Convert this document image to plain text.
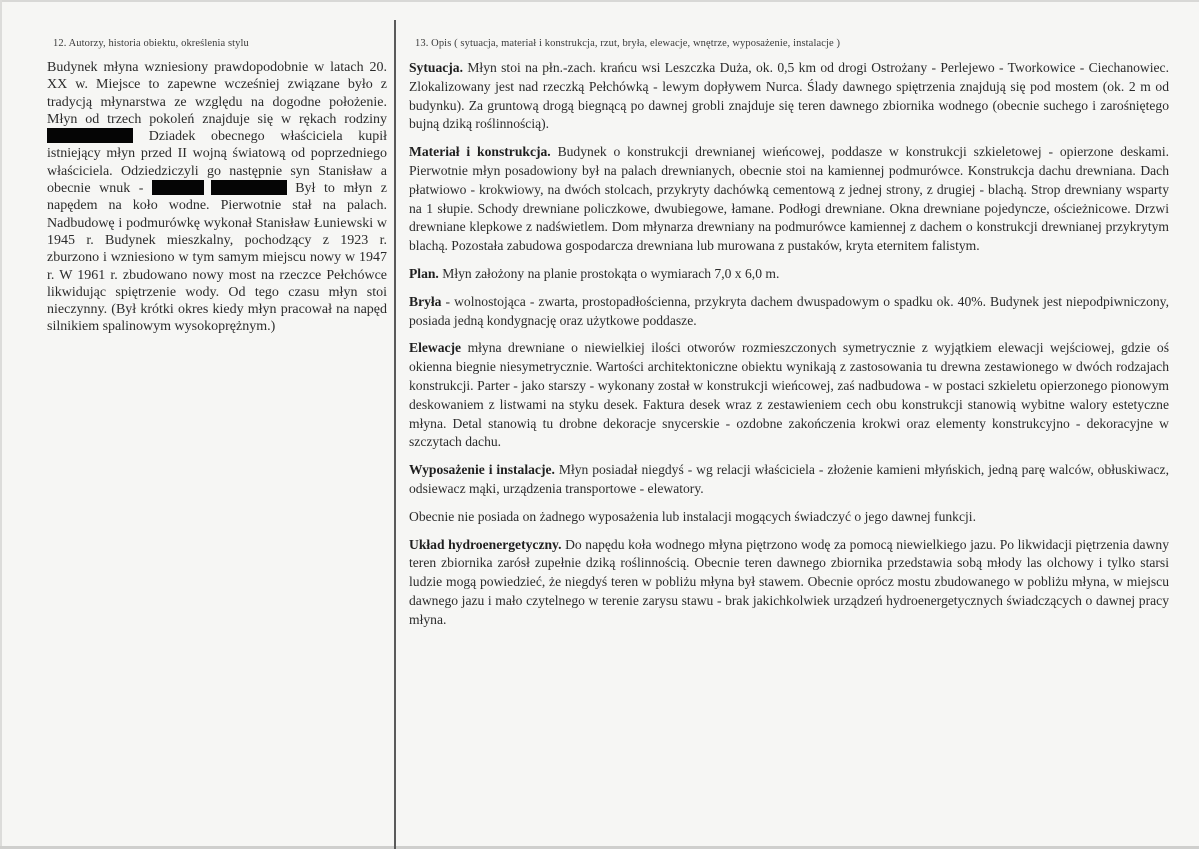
12. Autorzy, historia obiektu, określenia stylu
Budynek młyna wzniesiony prawdopodobnie w latach 20. XX w. Miejsce to zapewne wcześniej związane było z tradycją młynarstwa ze względu na dogodne położenie. Młyn od trzech pokoleń znajduje się w rękach rodziny  Dziadek obecnego właściciela kupił istniejący młyn przed II wojną światową od poprzedniego właściciela. Odziedziczyli go następnie syn Stanisław a obecnie wnuk -	Był to młyn z napędem na koło wodne. Pierwotnie stał na palach. Nadbudowę i podmurówkę wykonał Stanisław Łuniewski w 1945 r. Budynek mieszkalny, pochodzący z 1923 r. zburzono i wzniesiono w tym samym miejscu nowy w 1947 r. W 1961 r. zbudowano nowy most na rzeczce Pełchówce likwidując spiętrzenie wody. Od tego czasu młyn stoi nieczynny. (Był krótki okres kiedy młyn pracował na napęd silnikiem spalinowym wysokoprężnym.)
13. Opis ( sytuacja, materiał i konstrukcja, rzut, bryła, elewacje, wnętrze, wyposażenie, instalacje )
Sytuacja. Młyn stoi na płn.-zach. krańcu wsi Leszczka Duża, ok. 0,5 km od drogi Ostrożany - Perlejewo - Tworkowice - Ciechanowiec. Zlokalizowany jest nad rzeczką Pełchówką - lewym dopływem Nurca. Ślady dawnego spiętrzenia znajdują się pod mostem (ok. 2 m od budynku). Za gruntową drogą biegnącą po dawnej grobli znajduje się teren dawnego zbiornika wodnego (obecnie suchego i zarośniętego bujną dziką roślinnością).
Materiał i konstrukcja. Budynek o konstrukcji drewnianej wieńcowej, poddasze w konstrukcji szkieletowej - opierzone deskami. Pierwotnie młyn posadowiony był na palach drewnianych, obecnie stoi na kamiennej podmurówce. Konstrukcja dachu drewniana. Dach płatwiowo - krokwiowy, na dwóch stolcach, przykryty dachówką cementową z jednej strony, z drugiej - blachą. Strop drewniany wsparty na 1 słupie. Schody drewniane policzkowe, dwubiegowe, łamane. Podłogi drewniane. Okna drewniane pojedyncze, ościeżnicowe. Drzwi drewniane klepkowe z nadświetlem. Dom młynarza drewniany na podmurówce kamiennej z dachem o konstrukcji drewnianej przykrytym blachą. Pozostała zabudowa gospodarcza drewniana lub murowana z pustaków, kryta eternitem falistym.
Plan. Młyn założony na planie prostokąta o wymiarach 7,0 x 6,0 m.
Bryła - wolnostojąca - zwarta, prostopadłościenna, przykryta dachem dwuspadowym o spadku ok. 40%. Budynek jest niepodpiwniczony, posiada jedną kondygnację oraz użytkowe poddasze.
Elewacje młyna drewniane o niewielkiej ilości otworów rozmieszczonych symetrycznie z wyjątkiem elewacji wejściowej, gdzie oś okienna biegnie niesymetrycznie. Wartości architektoniczne obiektu wynikają z zastosowania tu drewna zestawionego w dwóch rodzajach konstrukcji. Parter - jako starszy - wykonany został w konstrukcji wieńcowej, zaś nadbudowa - w postaci szkieletu opierzonego pionowym deskowaniem z listwami na styku desek. Faktura desek wraz z zestawieniem cech obu konstrukcji stanowią wybitne walory estetyczne młyna. Detal stanowią tu drobne dekoracje snycerskie - ozdobne zakończenia krokwi oraz elementy konstrukcyjno - dekoracyjne w szczytach dachu.
Wyposażenie i instalacje. Młyn posiadał niegdyś - wg relacji właściciela - złożenie kamieni młyńskich, jedną parę walców, obłuskiwacz, odsiewacz mąki, urządzenia transportowe - elewatory.
Obecnie nie posiada on żadnego wyposażenia lub instalacji mogących świadczyć o jego dawnej funkcji.
Układ hydroenergetyczny. Do napędu koła wodnego młyna piętrzono wodę za pomocą niewielkiego jazu. Po likwidacji piętrzenia dawny teren zbiornika zarósł zupełnie dziką roślinnością. Obecnie teren dawnego zbiornika przedstawia sobą młody las olchowy i tylko starsi ludzie mogą powiedzieć, że niegdyś teren w pobliżu młyna był stawem. Obecnie oprócz mostu zbudowanego w pobliżu młyna, w miejscu dawnego jazu i mało czytelnego w terenie zarysu stawu - brak jakichkolwiek urządzeń hydroenergetycznych świadczących o dawnej pracy młyna.
